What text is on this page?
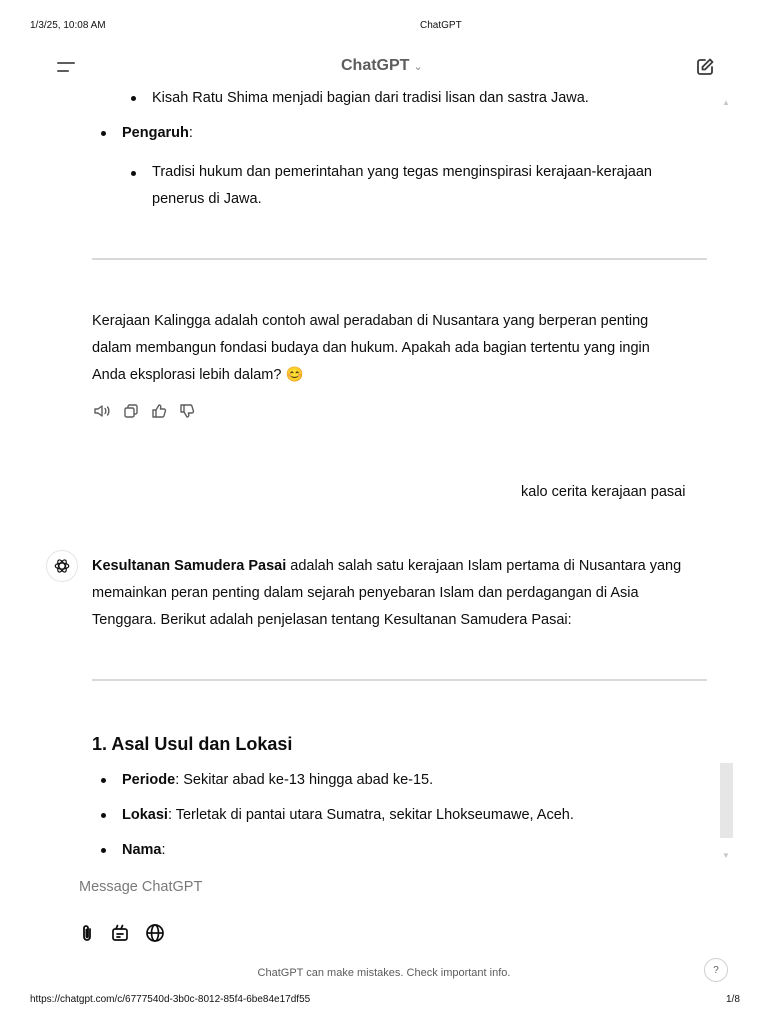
1/3/25, 10:08 AM	ChatGPT
ChatGPT ⌄
Kisah Ratu Shima menjadi bagian dari tradisi lisan dan sastra Jawa.
Pengaruh:
Tradisi hukum dan pemerintahan yang tegas menginspirasi kerajaan-kerajaan
penerus di Jawa.
Kerajaan Kalingga adalah contoh awal peradaban di Nusantara yang berperan penting
dalam membangun fondasi budaya dan hukum. Apakah ada bagian tertentu yang ingin
Anda eksplorasi lebih dalam? 😊
kalo cerita kerajaan pasai
Kesultanan Samudera Pasai adalah salah satu kerajaan Islam pertama di Nusantara yang
memainkan peran penting dalam sejarah penyebaran Islam dan perdagangan di Asia
Tenggara. Berikut adalah penjelasan tentang Kesultanan Samudera Pasai:
1. Asal Usul dan Lokasi
Periode: Sekitar abad ke-13 hingga abad ke-15.
Lokasi: Terletak di pantai utara Sumatra, sekitar Lhokseumawe, Aceh.
Nama:
▲
▼
Message ChatGPT
ChatGPT can make mistakes. Check important info.	?
https://chatgpt.com/c/6777540d-3b0c-8012-85f4-6be84e17df55	1/8
